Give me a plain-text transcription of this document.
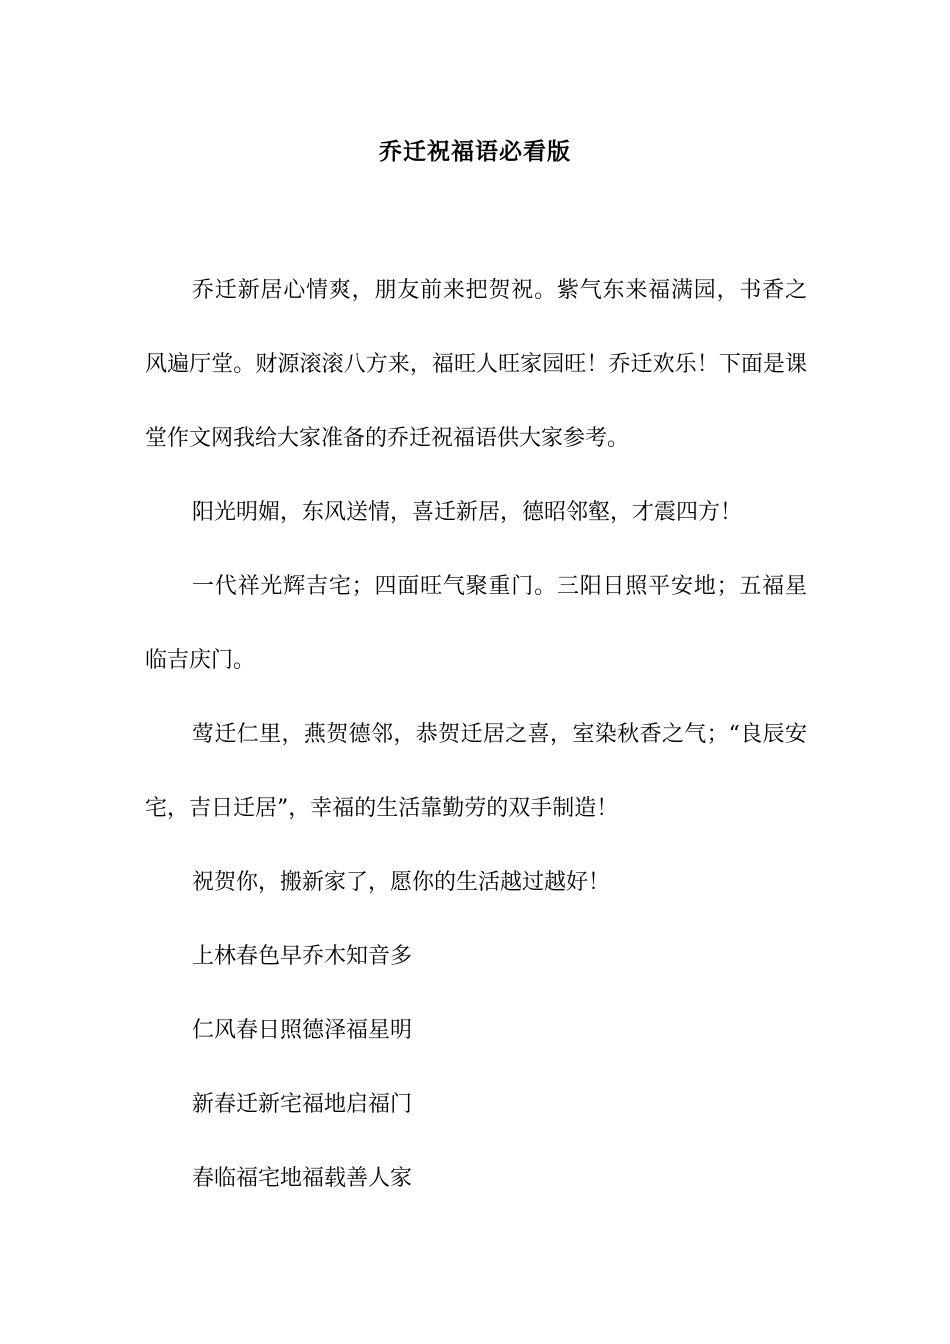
乔迁祝福语必看版

乔迁新居心情爽，朋友前来把贺祝。紫气东来福满园，书香之风遍厅堂。财源滚滚八方来，福旺人旺家园旺！乔迁欢乐！下面是课堂作文网我给大家准备的乔迁祝福语供大家参考。

阳光明媚，东风送情，喜迁新居，德昭邻壑，才震四方！

一代祥光辉吉宅；四面旺气聚重门。三阳日照平安地；五福星临吉庆门。

莺迁仁里，燕贺德邻，恭贺迁居之喜，室染秋香之气；“良辰安宅，吉日迁居”，幸福的生活靠勤劳的双手制造！

祝贺你，搬新家了，愿你的生活越过越好！

上林春色早乔木知音多

仁风春日照德泽福星明

新春迁新宅福地启福门

春临福宅地福载善人家
